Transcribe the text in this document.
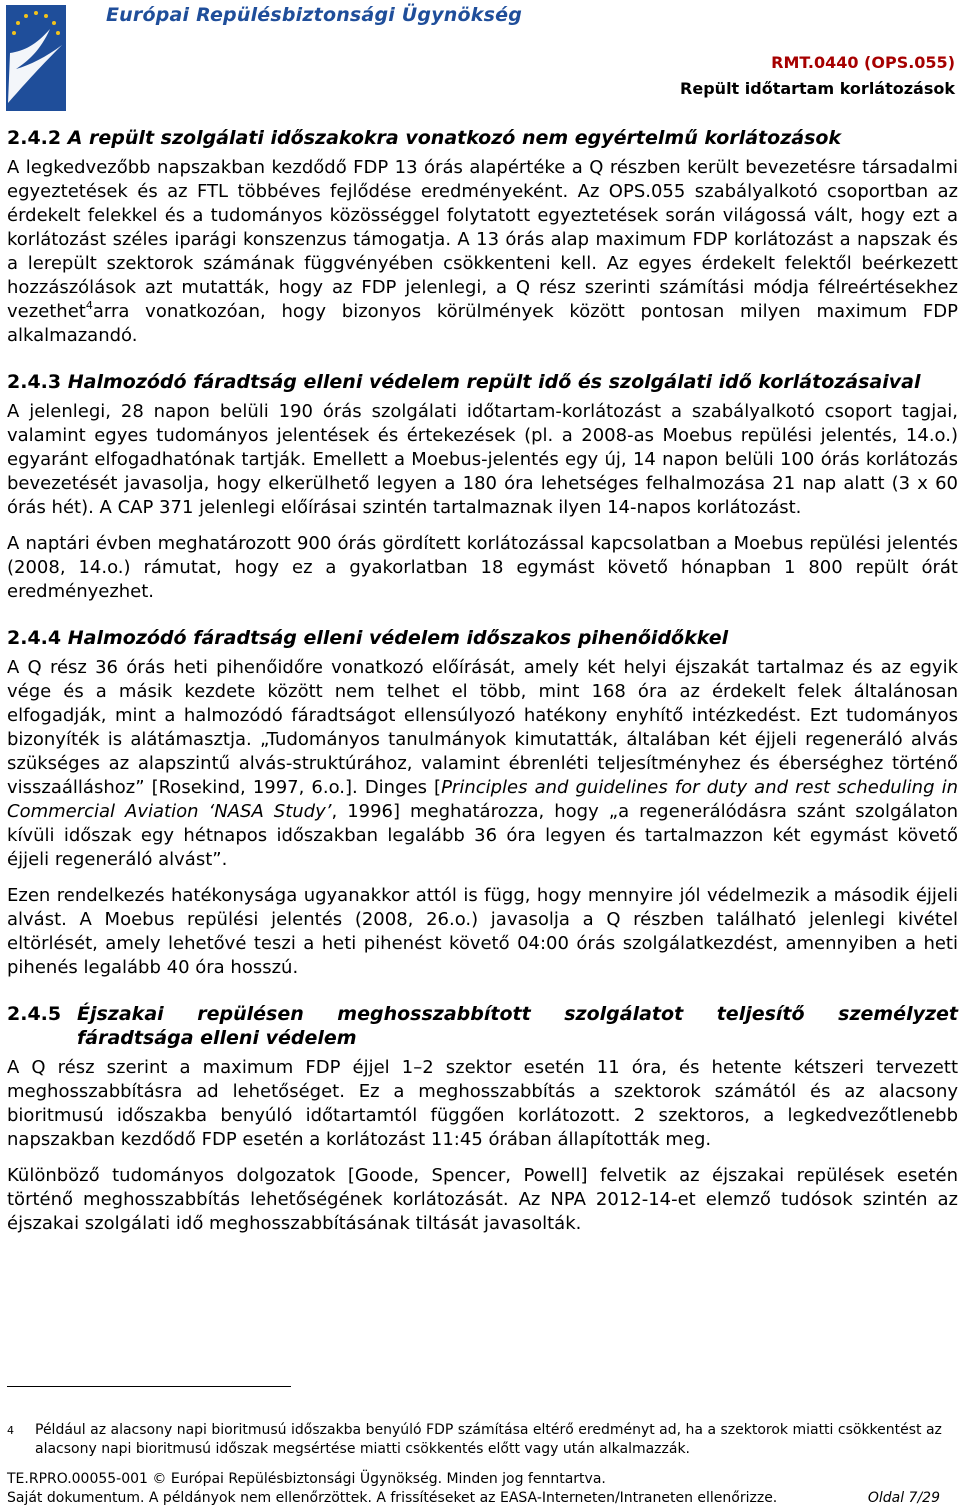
Európai Repülésbiztonsági Ügynökség
RMT.0440 (OPS.055)
Repült időtartam korlátozások
2.4.2 A repült szolgálati időszakokra vonatkozó nem egyértelmű korlátozások

A legkedvezőbb napszakban kezdődő FDP 13 órás alapértéke a Q részben került bevezetésre társadalmi egyeztetések és az FTL többéves fejlődése eredményeként. Az OPS.055 szabályalkotó csoportban az érdekelt felekkel és a tudományos közösséggel folytatott egyeztetések során világossá vált, hogy ezt a korlátozást széles iparági konszenzus támogatja. A 13 órás alap maximum FDP korlátozást a napszak és a lerepült szektorok számának függvényében csökkenteni kell. Az egyes érdekelt felektől beérkezett hozzászólások azt mutatták, hogy az FDP jelenlegi, a Q rész szerinti számítási módja félreértésekhez vezethet$^4$arra vonatkozóan, hogy bizonyos körülmények között pontosan milyen maximum FDP alkalmazandó.

2.4.3 Halmozódó fáradtság elleni védelem repült idő és szolgálati idő korlátozásaival

A jelenlegi, 28 napon belüli 190 órás szolgálati időtartam-korlátozást a szabályalkotó csoport tagjai, valamint egyes tudományos jelentések és értekezések (pl. a 2008-as Moebus repülési jelentés, 14.o.) egyaránt elfogadhatónak tartják. Emellett a Moebus-jelentés egy új, 14 napon belüli 100 órás korlátozás bevezetését javasolja, hogy elkerülhető legyen a 180 óra lehetséges felhalmozása 21 nap alatt (3 x 60 órás hét). A CAP 371 jelenlegi előírásai szintén tartalmaznak ilyen 14-napos korlátozást.

A naptári évben meghatározott 900 órás gördített korlátozással kapcsolatban a Moebus repülési jelentés (2008, 14.o.) rámutat, hogy ez a gyakorlatban 18 egymást követő hónapban 1 800 repült órát eredményezhet.

2.4.4 Halmozódó fáradtság elleni védelem időszakos pihenőidőkkel

A Q rész 36 órás heti pihenőidőre vonatkozó előírását, amely két helyi éjszakát tartalmaz és az egyik vége és a másik kezdete között nem telhet el több, mint 168 óra az érdekelt felek általánosan elfogadják, mint a halmozódó fáradtságot ellensúlyozó hatékony enyhítő intézkedést. Ezt tudományos bizonyíték is alátámasztja. „Tudományos tanulmányok kimutatták, általában két éjjeli regeneráló alvás szükséges az alapszintű alvás-struktúrához, valamint ébrenléti teljesítményhez és éberséghez történő visszaálláshoz” [Rosekind, 1997, 6.o.]. Dinges [Principles and guidelines for duty and rest scheduling in Commercial Aviation ‘NASA Study’, 1996] meghatározza, hogy „a regenerálódásra szánt szolgálaton kívüli időszak egy hétnapos időszakban legalább 36 óra legyen és tartalmazzon két egymást követő éjjeli regeneráló alvást”.

Ezen rendelkezés hatékonysága ugyanakkor attól is függ, hogy mennyire jól védelmezik a második éjjeli alvást. A Moebus repülési jelentés (2008, 26.o.) javasolja a Q részben található jelenlegi kivétel eltörlését, amely lehetővé teszi a heti pihenést követő 04:00 órás szolgálatkezdést, amennyiben a heti pihenés legalább 40 óra hosszú.

2.4.5 Éjszakai repülésen meghosszabbított szolgálatot teljesítő személyzet
fáradtsága elleni védelem

A Q rész szerint a maximum FDP éjjel 1–2 szektor esetén 11 óra, és hetente kétszeri tervezett meghosszabbításra ad lehetőséget. Ez a meghosszabbítás a szektorok számától és az alacsony bioritmusú időszakba benyúló időtartamtól függően korlátozott. 2 szektoros, a legkedvezőtlenebb napszakban kezdődő FDP esetén a korlátozást 11:45 órában állapították meg.

Különböző tudományos dolgozatok [Goode, Spencer, Powell] felvetik az éjszakai repülések esetén történő meghosszabbítás lehetőségének korlátozását. Az NPA 2012-14-et elemző tudósok szintén az éjszakai szolgálati idő meghosszabbításának tiltását javasolták.

4	Például az alacsony napi bioritmusú időszakba benyúló FDP számítása eltérő eredményt ad, ha a szektorok miatti csökkentést az alacsony napi bioritmusú időszak megsértése miatti csökkentés előtt vagy után alkalmazzák.
TE.RPRO.00055-001 © Európai Repülésbiztonsági Ügynökség. Minden jog fenntartva.
Saját dokumentum. A példányok nem ellenőrzöttek. A frissítéseket az EASA-Interneten/Intraneten ellenőrizze.	Oldal 7/29
